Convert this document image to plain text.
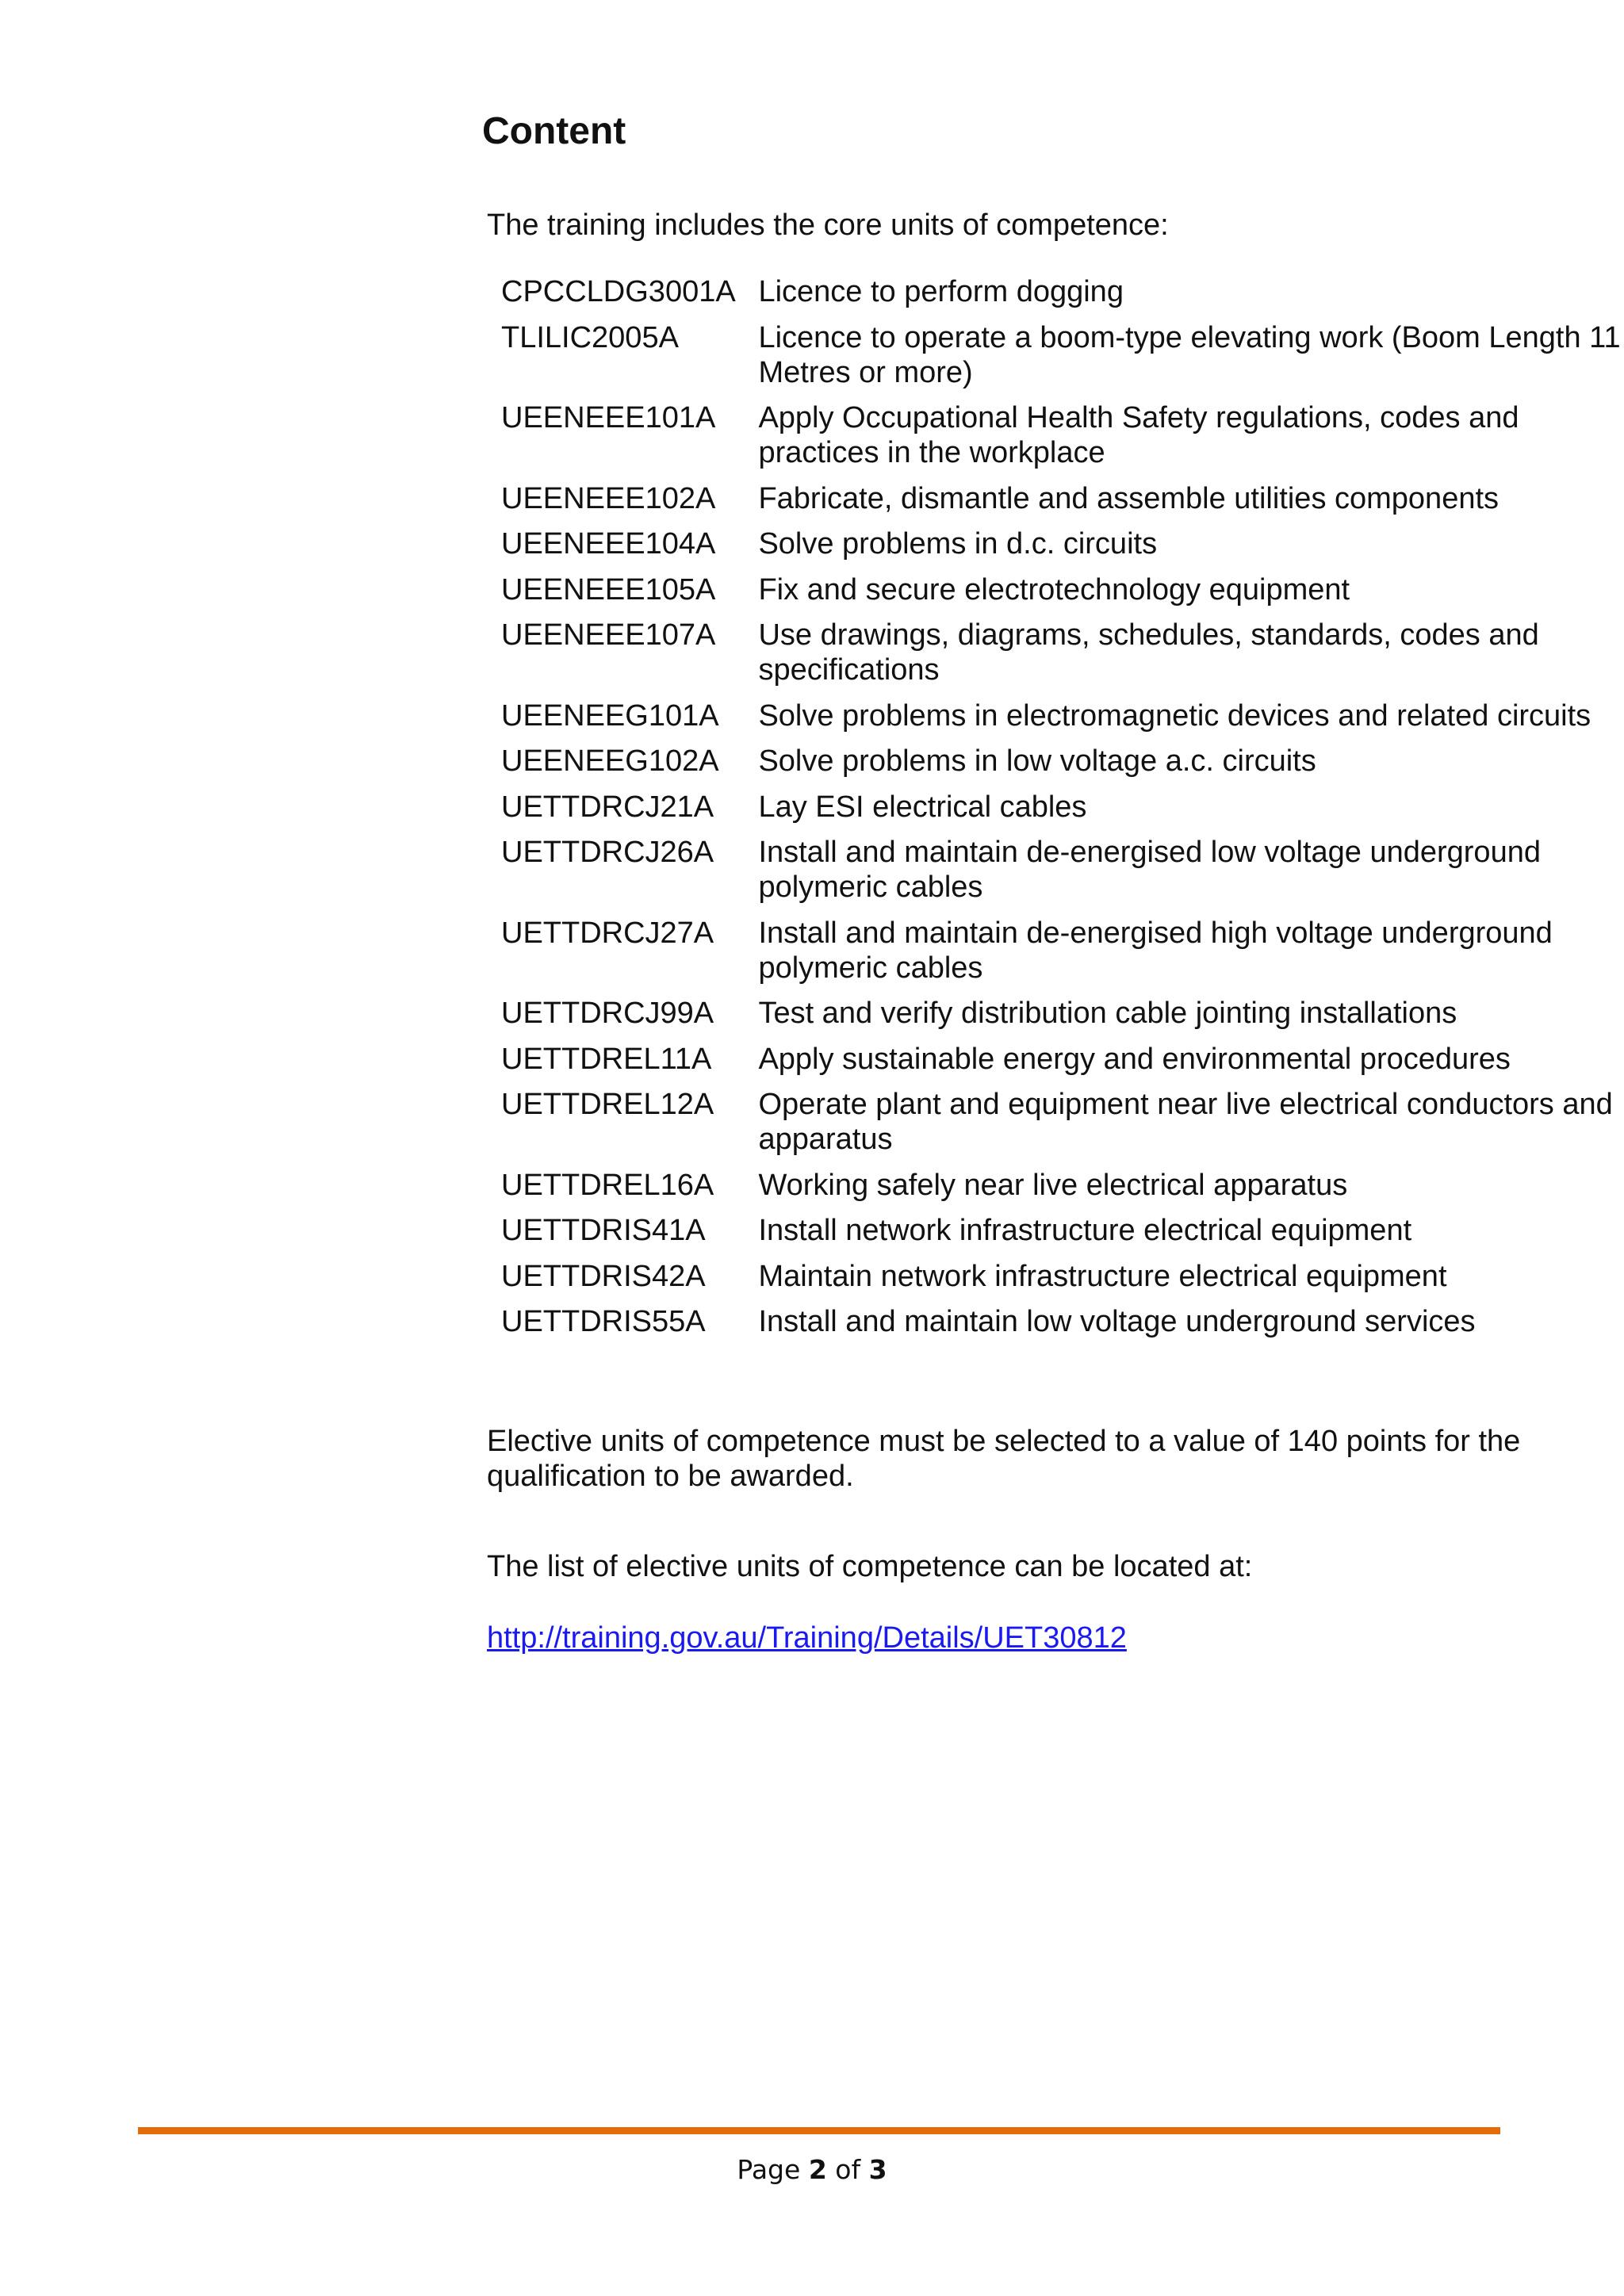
Content

The training includes the core units of competence:

CPCCLDG3001A	Licence to perform dogging
TLILIC2005A	Licence to operate a boom-type elevating work (Boom Length 11 Metres or more)
UEENEEE101A	Apply Occupational Health Safety regulations, codes and practices in the workplace
UEENEEE102A	Fabricate, dismantle and assemble utilities components
UEENEEE104A	Solve problems in d.c. circuits
UEENEEE105A	Fix and secure electrotechnology equipment
UEENEEE107A	Use drawings, diagrams, schedules, standards, codes and specifications
UEENEEG101A	Solve problems in electromagnetic devices and related circuits
UEENEEG102A	Solve problems in low voltage a.c. circuits
UETTDRCJ21A	Lay ESI electrical cables
UETTDRCJ26A	Install and maintain de-energised low voltage underground polymeric cables
UETTDRCJ27A	Install and maintain de-energised high voltage underground polymeric cables
UETTDRCJ99A	Test and verify distribution cable jointing installations
UETTDREL11A	Apply sustainable energy and environmental procedures
UETTDREL12A	Operate plant and equipment near live electrical conductors and apparatus
UETTDREL16A	Working safely near live electrical apparatus
UETTDRIS41A	Install network infrastructure electrical equipment
UETTDRIS42A	Maintain network infrastructure electrical equipment
UETTDRIS55A	Install and maintain low voltage underground services

Elective units of competence must be selected to a value of 140 points for the qualification to be awarded.

The list of elective units of competence can be located at:

http://training.gov.au/Training/Details/UET30812
Page 2 of 3
